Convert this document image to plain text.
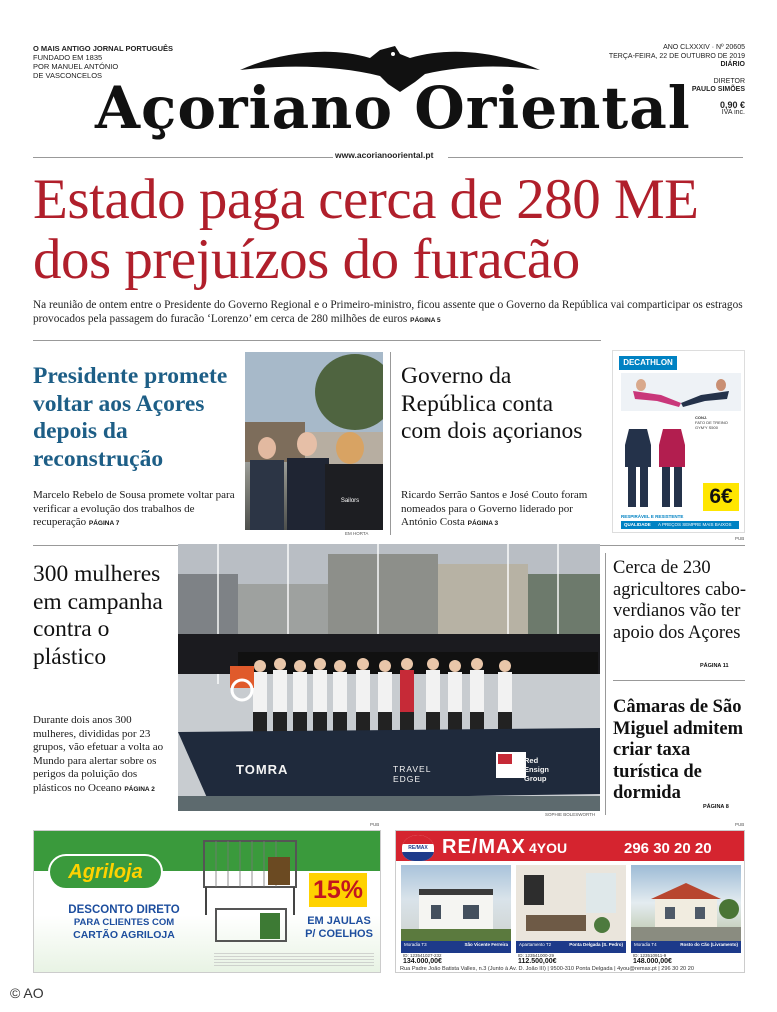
O MAIS ANTIGO JORNAL PORTUGUÊS
FUNDADO EM 1835
POR MANUEL ANTÓNIO
DE VASCONCELOS
Açoriano Oriental
www.acorianooriental.pt
ANO CLXXXIV · Nº 20605
TERÇA-FEIRA, 22 DE OUTUBRO DE 2019
DIÁRIO
DIRETOR
PAULO SIMÕES
0,90 €
IVA inc.
Estado paga cerca de 280 ME
dos prejuízos do furacão
Na reunião de ontem entre o Presidente do Governo Regional e o Primeiro-ministro, ficou assente que o Governo da República vai comparticipar os estragos provocados pela passagem do furacão ‘Lorenzo’ em cerca de 280 milhões de euros PÁGINA 5
Presidente promete voltar aos Açores depois da reconstrução
Marcelo Rebelo de Sousa promete voltar para verificar a evolução dos trabalhos de recuperação PÁGINA 7
Sailors
EM HORTA
Governo da República conta com dois açorianos
Ricardo Serrão Santos e José Couto foram nomeados para o Governo liderado por António Costa PÁGINA 3
DECATHLON
CONJ.
FATO DE TREINO
GYM'Y S500
6€
RESPIRÁVEL E RESISTENTE
QUALIDADE A PREÇOS SEMPRE MAIS BAIXOS
PUB
300 mulheres em campanha contra o plástico
Durante dois anos 300 mulheres, divididas por 23 grupos, vão efetuar a volta ao Mundo para alertar sobre os perigos da poluição dos plásticos no Oceano PÁGINA 2
TOMRA	TRAVEL EDGE
Red Ensign Group
SOPHIE BOLESWORTH
Cerca de 230 agricultores cabo-verdianos vão ter apoio dos Açores
PÁGINA 11
Câmaras de São Miguel admitem criar taxa turística de dormida
PÁGINA 8
PUB	PUB
Agriloja
DESCONTO DIRETO
PARA CLIENTES COM
CARTÃO AGRILOJA
15%
EM JAULAS
P/ COELHOS
RE/MAX RE/MAX 4YOU	296 30 20 20
Moradia T3	São Vicente Ferreira
ID: 123541027-232
134.000,00€
Apartamento T2	Ponta Delgada (S. Pedro)
ID: 123541000-29
112.500,00€
Moradia T4	Rosto do Cão (Livramento)
ID: 123510911-9
148.000,00€
Rua Padre João Batista Valles, n.3 (Junto à Av. D. João III) | 9500-310 Ponta Delgada | 4you@remax.pt | 296 30 20 20
© AO
